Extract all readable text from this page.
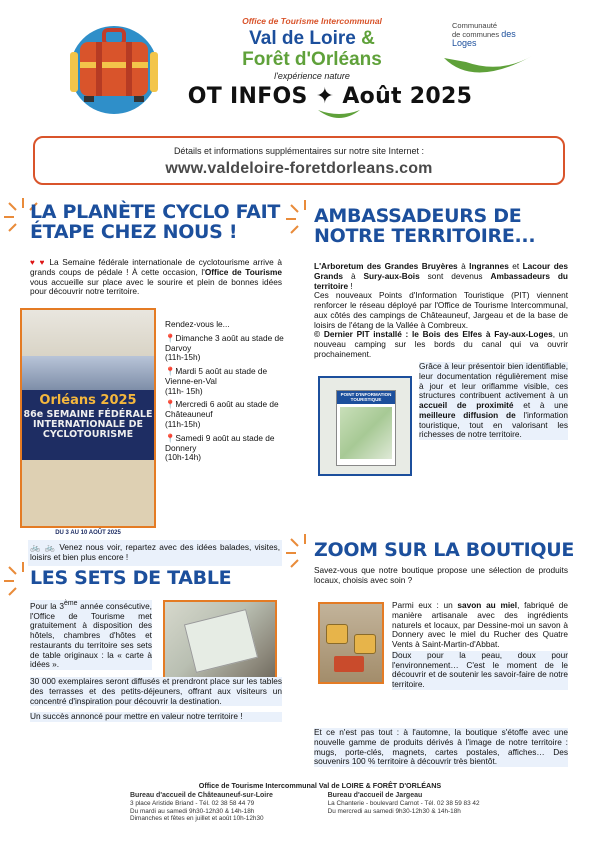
Office de Tourisme Intercommunal
Val de Loire &
Forêt d'Orléans
l'expérience nature
Communauté
de communes des Loges
OT INFOS ✦ Août 2025
Détails et informations supplémentaires sur notre site Internet :
www.valdeloire-foretdorleans.com
LA PLANÈTE CYCLO FAIT ÉTAPE CHEZ NOUS !

♥ ♥ La Semaine fédérale internationale de cyclotourisme arrive à grands coups de pédale ! À cette occasion, l'Office de Tourisme vous accueille sur place avec le sourire et plein de bonnes idées pour découvrir notre territoire.

Orléans 2025
86e SEMAINE FÉDÉRALE INTERNATIONALE DE CYCLOTOURISME
DU 3 AU 10 AOÛT 2025
Rendez-vous le...
📍Dimanche 3 août au stade de Darvoy
(11h-15h)
📍Mardi 5 août au stade de Vienne-en-Val
(11h- 15h)
📍Mercredi 6 août au stade de Châteauneuf
(11h-15h)
📍Samedi 9 août au stade de Donnery
(10h-14h)

🚲 🚲 Venez nous voir, repartez avec des idées balades, visites, loisirs et bien plus encore !

LES SETS DE TABLE

Pour la 3ème année consécutive, l'Office de Tourisme met gratuitement à disposition des hôtels, chambres d'hôtes et restaurants du territoire ses sets de table originaux : la « carte à idées ».

30 000 exemplaires seront diffusés et prendront place sur les tables des terrasses et des petits-déjeuners, offrant aux visiteurs un concentré d'inspiration pour découvrir la destination.

Un succès annoncé pour mettre en valeur notre territoire !

AMBASSADEURS DE NOTRE TERRITOIRE...

L'Arboretum des Grandes Bruyères à Ingrannes et Lacour des Grands à Sury-aux-Bois sont devenus Ambassadeurs du territoire !

Ces nouveaux Points d'Information Touristique (PIT) viennent renforcer le réseau déployé par l'Office de Tourisme Intercommunal, aux côtés des campings de Châteauneuf, Jargeau et de la base de loisirs de l'étang de la Vallée à Combreux.

© Dernier PIT installé : le Bois des Elfes à Fay-aux-Loges, un nouveau camping sur les bords du canal qui va ouvrir prochainement.

POINT D'INFORMATION TOURISTIQUE

Grâce à leur présentoir bien identifiable, leur documentation régulièrement mise à jour et leur oriflamme visible, ces structures contribuent activement à un accueil de proximité et à une meilleure diffusion de l'information touristique, tout en valorisant les richesses de notre territoire.

ZOOM SUR LA BOUTIQUE

Savez-vous que notre boutique propose une sélection de produits locaux, choisis avec soin ?

Parmi eux : un savon au miel, fabriqué de manière artisanale avec des ingrédients naturels et locaux, par Dessine-moi un savon à Donnery avec le miel du Rucher des Quatre Vents à Saint-Martin-d'Abbat.
Doux pour la peau, doux pour l'environnement… C'est le moment de le découvrir et de soutenir les savoir-faire de notre territoire.

Et ce n'est pas tout : à l'automne, la boutique s'étoffe avec une nouvelle gamme de produits dérivés à l'image de notre territoire : mugs, porte-clés, magnets, cartes postales, affiches… Des souvenirs 100 % territoire à découvrir très bientôt.

Office de Tourisme Intercommunal Val de LOIRE & FORÊT D'ORLÉANS
Bureau d'accueil de Châteauneuf-sur-Loire
3 place Aristide Briand - Tél. 02 38 58 44 79
Du mardi au samedi 9h30-12h30 & 14h-18h
Dimanches et fêtes en juillet et août 10h-12h30
Bureau d'accueil de Jargeau
La Chanterie - boulevard Carnot - Tél. 02 38 59 83 42
Du mercredi au samedi 9h30-12h30 & 14h-18h
